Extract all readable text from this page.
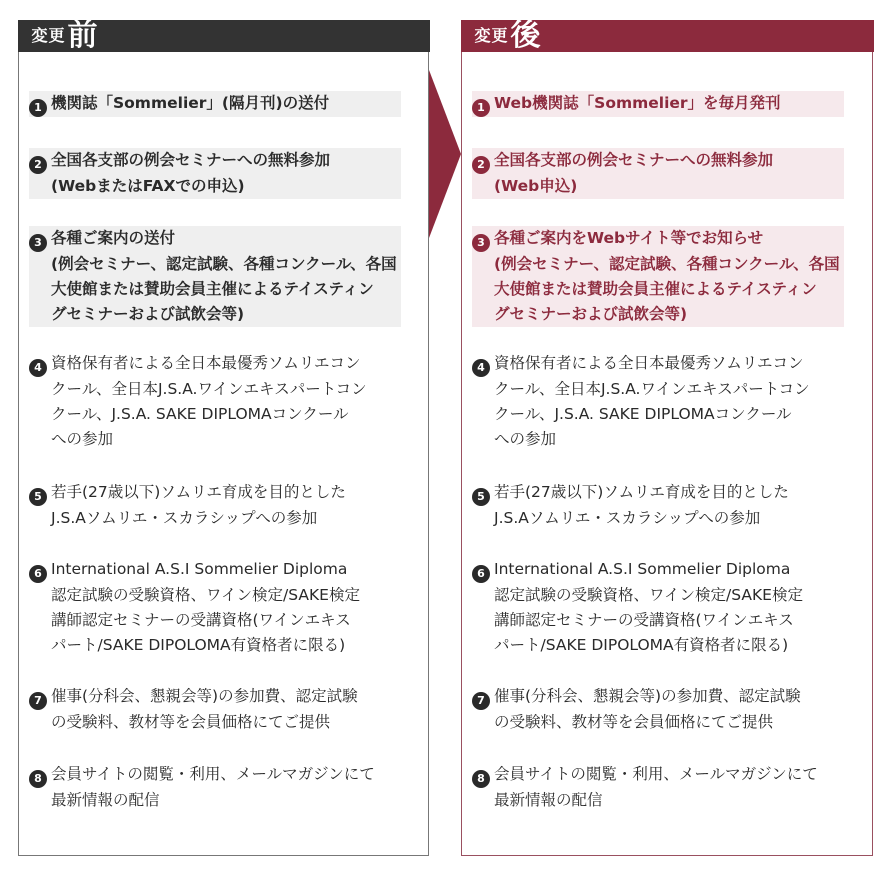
変更 前
1 機関誌「Sommelier」(隔月刊)の送付
2 全国各支部の例会セミナーへの無料参加
(WebまたはFAXでの申込)
3 各種ご案内の送付
(例会セミナー、認定試験、各種コンクール、各国
大使館または賛助会員主催によるテイスティン
グセミナーおよび試飲会等)
4 資格保有者による全日本最優秀ソムリエコン
クール、全日本J.S.A.ワインエキスパートコン
クール、J.S.A. SAKE DIPLOMAコンクール
への参加
5 若手(27歳以下)ソムリエ育成を目的とした
J.S.Aソムリエ・スカラシップへの参加
6 International A.S.I Sommelier Diploma
認定試験の受験資格、ワイン検定/SAKE検定
講師認定セミナーの受講資格(ワインエキス
パート/SAKE DIPOLOMA有資格者に限る)
7 催事(分科会、懇親会等)の参加費、認定試験
の受験料、教材等を会員価格にてご提供
8 会員サイトの閲覧・利用、メールマガジンにて
最新情報の配信
変更 後
1 Web機関誌「Sommelier」を毎月発刊
2 全国各支部の例会セミナーへの無料参加
(Web申込)
3 各種ご案内をWebサイト等でお知らせ
(例会セミナー、認定試験、各種コンクール、各国
大使館または賛助会員主催によるテイスティン
グセミナーおよび試飲会等)
4 資格保有者による全日本最優秀ソムリエコン
クール、全日本J.S.A.ワインエキスパートコン
クール、J.S.A. SAKE DIPLOMAコンクール
への参加
5 若手(27歳以下)ソムリエ育成を目的とした
J.S.Aソムリエ・スカラシップへの参加
6 International A.S.I Sommelier Diploma
認定試験の受験資格、ワイン検定/SAKE検定
講師認定セミナーの受講資格(ワインエキス
パート/SAKE DIPOLOMA有資格者に限る)
7 催事(分科会、懇親会等)の参加費、認定試験
の受験料、教材等を会員価格にてご提供
8 会員サイトの閲覧・利用、メールマガジンにて
最新情報の配信
